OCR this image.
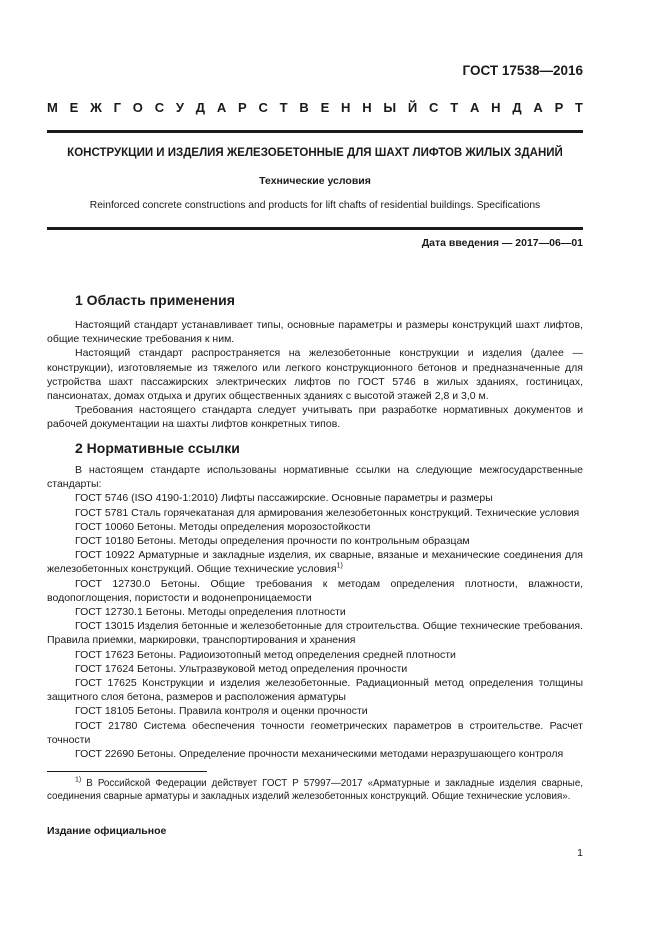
ГОСТ 17538—2016
М Е Ж Г О С У Д А Р С Т В Е Н Н Ы Й С Т А Н Д А Р Т
КОНСТРУКЦИИ И ИЗДЕЛИЯ ЖЕЛЕЗОБЕТОННЫЕ ДЛЯ ШАХТ ЛИФТОВ ЖИЛЫХ ЗДАНИЙ
Технические условия
Reinforced concrete constructions and products for lift chafts of residential buildings. Specifications
Дата введения — 2017—06—01
1 Область применения
Настоящий стандарт устанавливает типы, основные параметры и размеры конструкций шахт лифтов, общие технические требования к ним.
Настоящий стандарт распространяется на железобетонные конструкции и изделия (далее — конструкции), изготовляемые из тяжелого или легкого конструкционного бетонов и предназначенные для устройства шахт пассажирских электрических лифтов по ГОСТ 5746 в жилых зданиях, гостиницах, пансионатах, домах отдыха и других общественных зданиях с высотой этажей 2,8 и 3,0 м.
Требования настоящего стандарта следует учитывать при разработке нормативных документов и рабочей документации на шахты лифтов конкретных типов.
2 Нормативные ссылки
В настоящем стандарте использованы нормативные ссылки на следующие межгосударственные стандарты:
ГОСТ 5746 (ISO 4190-1:2010) Лифты пассажирские. Основные параметры и размеры
ГОСТ 5781 Сталь горячекатаная для армирования железобетонных конструкций. Технические условия
ГОСТ 10060 Бетоны. Методы определения морозостойкости
ГОСТ 10180 Бетоны. Методы определения прочности по контрольным образцам
ГОСТ 10922 Арматурные и закладные изделия, их сварные, вязаные и механические соединения для железобетонных конструкций. Общие технические условия$^{1)}$
ГОСТ 12730.0 Бетоны. Общие требования к методам определения плотности, влажности, водопоглощения, пористости и водонепроницаемости
ГОСТ 12730.1 Бетоны. Методы определения плотности
ГОСТ 13015 Изделия бетонные и железобетонные для строительства. Общие технические требования. Правила приемки, маркировки, транспортирования и хранения
ГОСТ 17623 Бетоны. Радиоизотопный метод определения средней плотности
ГОСТ 17624 Бетоны. Ультразвуковой метод определения прочности
ГОСТ 17625 Конструкции и изделия железобетонные. Радиационный метод определения толщины защитного слоя бетона, размеров и расположения арматуры
ГОСТ 18105 Бетоны. Правила контроля и оценки прочности
ГОСТ 21780 Система обеспечения точности геометрических параметров в строительстве. Расчет точности
ГОСТ 22690 Бетоны. Определение прочности механическими методами неразрушающего контроля
$^{1)}$ В Российской Федерации действует ГОСТ Р 57997—2017 «Арматурные и закладные изделия сварные, соединения сварные арматуры и закладных изделий железобетонных конструкций. Общие технические условия».
Издание официальное
1
